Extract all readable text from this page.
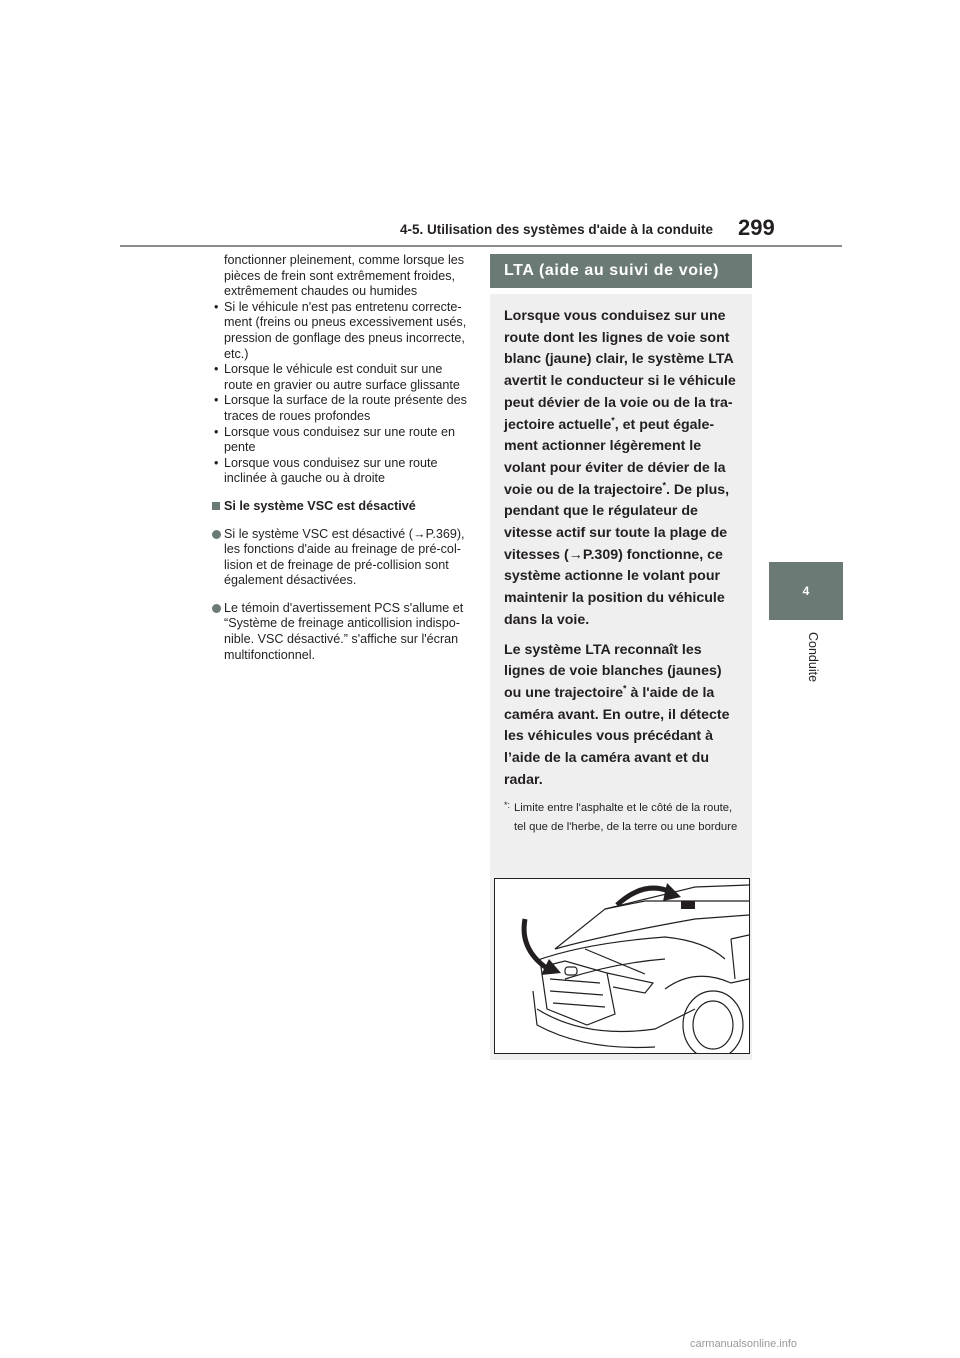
4-5. Utilisation des systèmes d'aide à la conduite 299
4
Conduite

fonctionner pleinement, comme lorsque les pièces de frein sont extrêmement froides, extrêmement chaudes ou humides

• Si le véhicule n'est pas entretenu correcte-ment (freins ou pneus excessivement usés, pression de gonflage des pneus incorrecte, etc.)

• Lorsque le véhicule est conduit sur une route en gravier ou autre surface glissante

• Lorsque la surface de la route présente des traces de roues profondes

• Lorsque vous conduisez sur une route en pente

• Lorsque vous conduisez sur une route inclinée à gauche ou à droite

Si le système VSC est désactivé
Si le système VSC est désactivé (→P.369), les fonctions d'aide au freinage de pré-col-lision et de freinage de pré-collision sont également désactivées.
Le témoin d'avertissement PCS s'allume et “Système de freinage anticollision indispo-nible. VSC désactivé.” s'affiche sur l'écran multifonctionnel.
LTA (aide au suivi de voie)

Lorsque vous conduisez sur une route dont les lignes de voie sont blanc (jaune) clair, le système LTA avertit le conducteur si le véhicule peut dévier de la voie ou de la tra-jectoire actuelle*, et peut égale-ment actionner légèrement le volant pour éviter de dévier de la voie ou de la trajectoire*. De plus, pendant que le régulateur de vitesse actif sur toute la plage de vitesses (→P.309) fonctionne, ce système actionne le volant pour maintenir la position du véhicule dans la voie.

Le système LTA reconnaît les lignes de voie blanches (jaunes) ou une trajectoire* à l'aide de la caméra avant. En outre, il détecte les véhicules vous précédant à l’aide de la caméra avant et du radar.

*: Limite entre l'asphalte et le côté de la route, tel que de l'herbe, de la terre ou une bordure
carmanualsonline.info
